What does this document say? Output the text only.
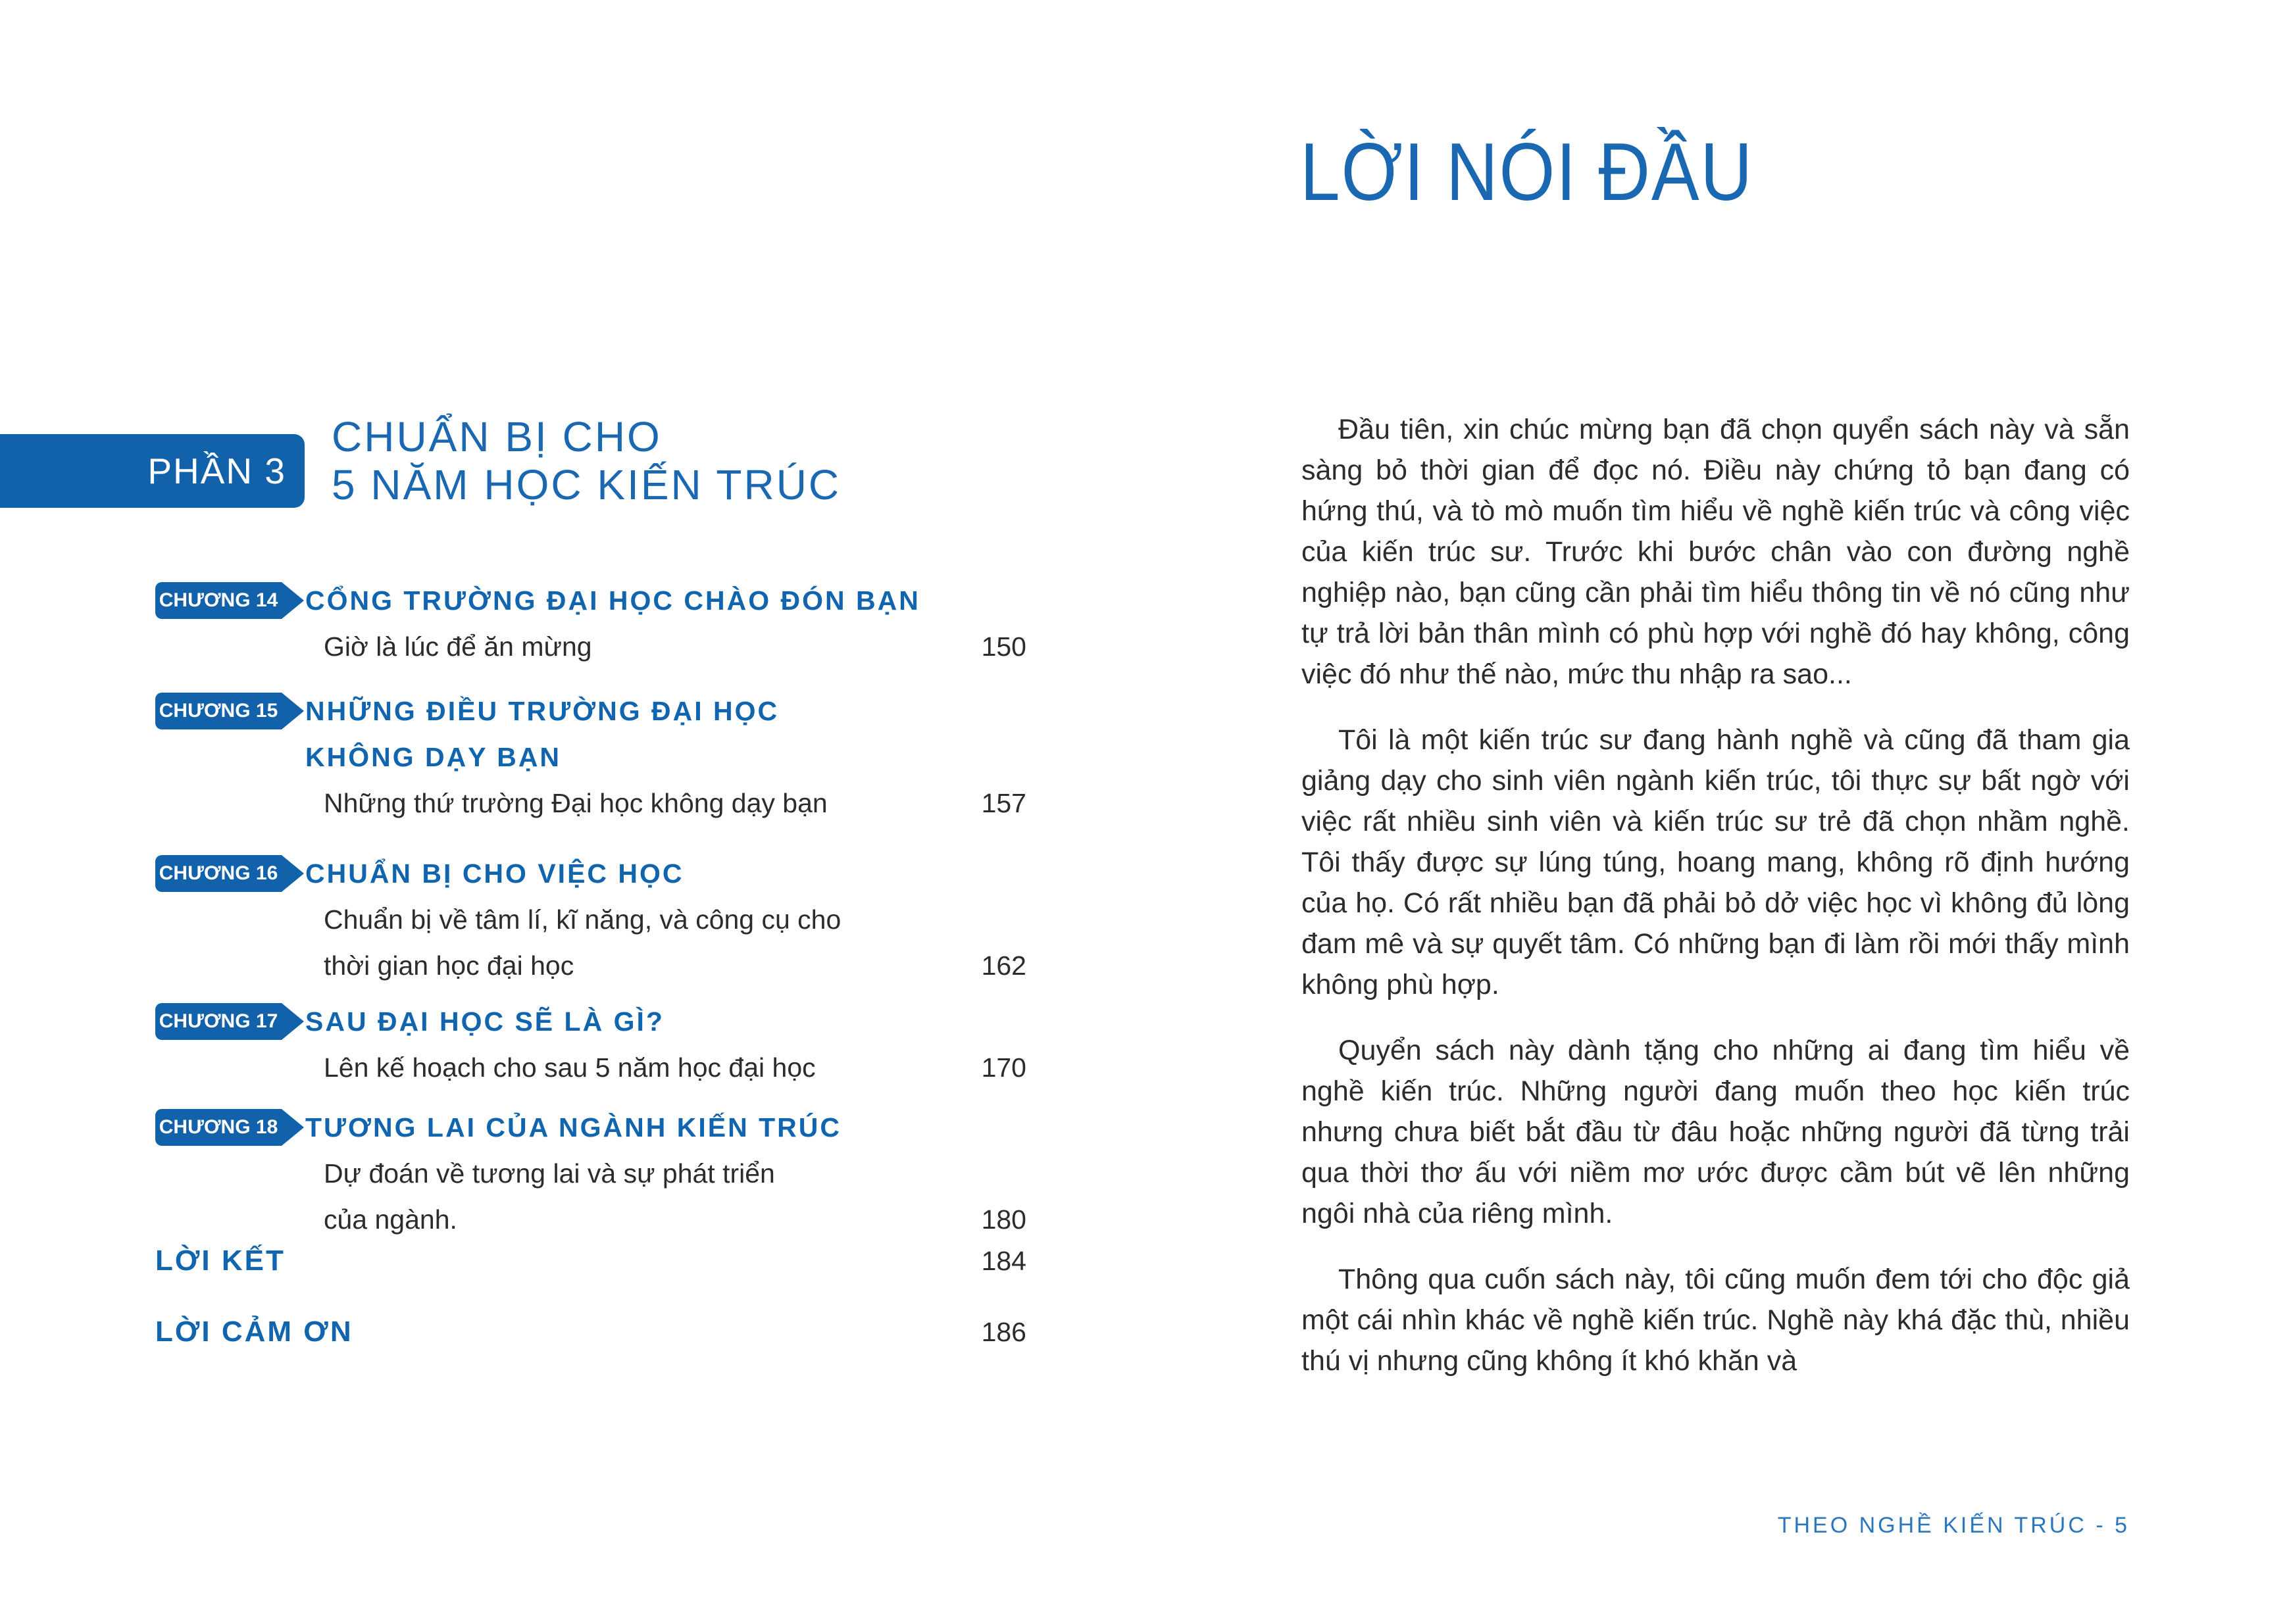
PHẦN 3
CHUẨN BỊ CHO
5 NĂM HỌC KIẾN TRÚC
CHƯƠNG 14 CỔNG TRƯỜNG ĐẠI HỌC CHÀO ĐÓN BẠN
Giờ là lúc để ăn mừng	150
CHƯƠNG 15 NHỮNG ĐIỀU TRƯỜNG ĐẠI HỌC
KHÔNG DẠY BẠN
Những thứ trường Đại học không dạy bạn	157
CHƯƠNG 16 CHUẨN BỊ CHO VIỆC HỌC
Chuẩn bị về tâm lí, kĩ năng, và công cụ cho
thời gian học đại học	162
CHƯƠNG 17 SAU ĐẠI HỌC SẼ LÀ GÌ?
Lên kế hoạch cho sau 5 năm học đại học	170
CHƯƠNG 18 TƯƠNG LAI CỦA NGÀNH KIẾN TRÚC
Dự đoán về tương lai và sự phát triển
của ngành.	180
LỜI KẾT	184
LỜI CẢM ƠN	186
LỜI NÓI ĐẦU

Đầu tiên, xin chúc mừng bạn đã chọn quyển sách này và sẵn sàng bỏ thời gian để đọc nó. Điều này chứng tỏ bạn đang có hứng thú, và tò mò muốn tìm hiểu về nghề kiến trúc và công việc của kiến trúc sư. Trước khi bước chân vào con đường nghề nghiệp nào, bạn cũng cần phải tìm hiểu thông tin về nó cũng như tự trả lời bản thân mình có phù hợp với nghề đó hay không, công việc đó như thế nào, mức thu nhập ra sao...

Tôi là một kiến trúc sư đang hành nghề và cũng đã tham gia giảng dạy cho sinh viên ngành kiến trúc, tôi thực sự bất ngờ với việc rất nhiều sinh viên và kiến trúc sư trẻ đã chọn nhầm nghề. Tôi thấy được sự lúng túng, hoang mang, không rõ định hướng của họ. Có rất nhiều bạn đã phải bỏ dở việc học vì không đủ lòng đam mê và sự quyết tâm. Có những bạn đi làm rồi mới thấy mình không phù hợp.

Quyển sách này dành tặng cho những ai đang tìm hiểu về nghề kiến trúc. Những người đang muốn theo học kiến trúc nhưng chưa biết bắt đầu từ đâu hoặc những người đã từng trải qua thời thơ ấu với niềm mơ ước được cầm bút vẽ lên những ngôi nhà của riêng mình.

Thông qua cuốn sách này, tôi cũng muốn đem tới cho độc giả một cái nhìn khác về nghề kiến trúc. Nghề này khá đặc thù, nhiều thú vị nhưng cũng không ít khó khăn và

THEO NGHỀ KIẾN TRÚC - 5
